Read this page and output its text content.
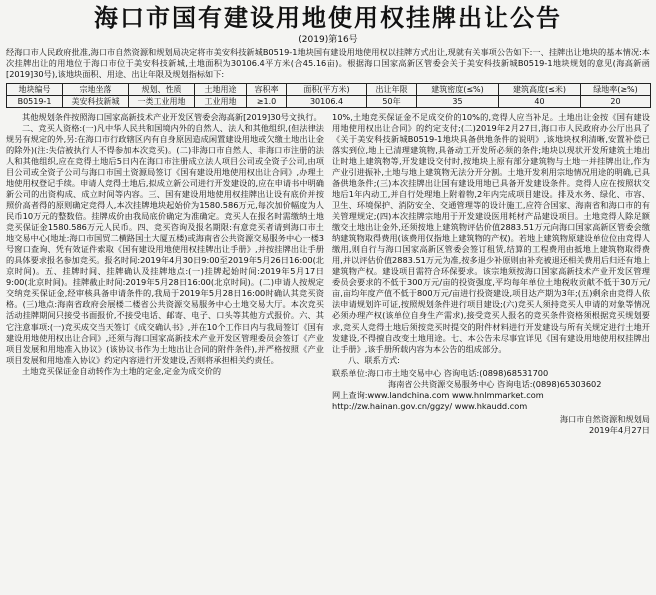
海口市国有建设用地使用权挂牌出让公告
(2019)第16号
经海口市人民政府批准,海口市自然资源和规划局决定将市美安科技新城B0519-1地块国有建设用地使用权以挂牌方式出让,现就有关事项公告如下:一、挂牌出让地块的基本情况:本次挂牌出让的用地位于海口市位于美安科技新城,土地面积为30106.4平方米(合45.16亩)。根据海口国家高新区管委会关于美安科技新城B0519-1地块规划的意见(海高新函[2019]30号),该地块面积、用途、出让年限及规划指标如下:
地块编号	宗地坐落	规划、性质	土地用途	容积率	面积(平方米)	出让年限	建筑密度(≤%)	建筑高度(≤米)	绿地率(≥%)
B0519-1	美安科技新城	一类工业用地	工业用地	≥1.0	30106.4	50年	35	40	20

其他规划条件按照海口国家高新技术产业开发区管委会海高新[2019]30号文执行。

二、竞买人资格:(一)凡中华人民共和国境内外的自然人、法人和其他组织,(但法律法规另有规定的外,另:在海口市行政辖区内有自身原因造成闲置建设用地或欠缴土地出让金的除外)(注:失信被执行人不得参加本次竞买)。(二)非海口市自然人、非海口市注册的法人和其他组织,应在竞得土地后5日内在海口市注册成立法人项目公司或全资子公司,由项目公司或全资子公司与海口市国土资源局签订《国有建设用地使用权出让合同》,办理土地使用权登记手续。申请人竞得土地后,拟成立新公司进行开发建设的,应在申请书中明确新公司的出资构成、成立时间等内容。三、国有建设用地使用权挂牌出让设有底价并按照价高者得的原则确定竞得人,本次挂牌地块起始价为1580.586万元,每次加价幅度为人民币10万元的整数倍。挂牌成价由我局底价确定为准确定。竞买人在报名时需缴纳土地竞买保证金1580.586万元人民币。四、竞买咨询及报名期限:有意竞买者请到海口市土地交易中心(地址:海口市国贸二横路国土大厦五楼)或海南省公共资源交易服务中心一楼3号窗口查询、凭有效证件索取《国有建设用地使用权挂牌出让手册》,并按挂牌出让手册的具体要求报名参加竞买。报名时间:2019年4月30日9:00至2019年5月26日16:00(北京时间)。五、挂牌时间、挂牌确认及挂牌地点:(一)挂牌起始时间:2019年5月17日9:00(北京时间)。挂牌截止时间:2019年5月28日16:00(北京时间)。(二)申请人按规定交纳竞买保证金,经审核具备申请条件的,我局于2019年5月28日16:00时确认其竞买资格。(三)地点:海南省政府会展楼二楼省公共资源交易服务中心土地交易大厅。本次竞买活动挂牌期间只接受书面报价,不接受电话、邮寄、电子、口头等其他方式报价。六、其它注意事项:(一)竞买成交当天签订《成交确认书》,并在10个工作日内与我局签订《国有建设用地使用权出让合同》,还须与海口国家高新技术产业开发区管理委员会签订《产业项目发展和用地准入协议》(该协议书作为土地出让合同的附件条件),并严格按照《产业项目发展和用地准入协议》约定内容进行开发建设,否则将承担相关约责任。

土地竞买保证金自动转作为土地的定金,定金为成交价的

10%,土地竞买保证金不足成交价的10%的,竞得人应当补足。土地出让金按《国有建设用地使用权出让合同》的约定支付;(二)2019年2月27日,海口市人民政府办公厅出具了《关于美安科技新城B0519-1地块具备供地条件的说明》,该地块权利清晰,安置补偿已落实到位,地上已清理建筑物,具备动工开发所必须的条件;地块以现状开发所建筑土地出让时地上建筑物等,开发建设交付时,按地块上原有部分建筑物与土地一并挂牌出让,作为产业引进振补,土地与地上建筑物无法分开分割。土地开发利用宗地情况用途的明确,已具备供地条件;(三)本次挂牌出让国有建设用地已具备开发建设条件。竞得人应在按照状交地后1年内动工,并自行处理地上附着物,2年内完成项目建设。排及水务、绿化、市容、卫生、环境保护、消防安全、交通管理等的设计施工,应符合国家、海南省和海口市的有关管理规定;(四)本次挂牌宗地用于开发建设医用耗材产品建设项目。土地竞得人除足额缴交土地出让金外,还须按地上建筑物评估价值2883.51万元向海口国家高新区管委会缴纳建筑物取得费用(该费用仅指地上建筑物的产权)。若地上建筑物原建设单位位由竞得人缴用,则自行与海口国家高新区管委会签订租赁,结算的工程费用由抵地上建筑物取得费用,并以评估价值2883.51万元为准,按多退少补原则由补充被退还相关费用后归还有地上建筑物产权。建设项目需符合环保要求。该宗地须按海口国家高新技术产业开发区管理委员会要求的不低于300万元/亩的投资强度,平均每年单位土地税收贡献不低于30万元/亩,亩均年度产值不低于800万元/亩进行投资建设,项目达产期为3年;(五)剩余由竞得人依法申请规划许可证,按照规划条件进行项目建设;(六)竞买人须持竞买人申请的对象等情况必须办理产权(该单位自身生产需求),接受竞买人报名的竞买条件资格须根据竞买规划要求,竞买人竞得土地后须按竞买时提交的附件材料进行开发建设与所有关规定进行土地开发建设,不得擅自改变土地用途。七、本公告未尽事宜详见《国有建设用地使用权挂牌出让手册》,该手册所载内容为本公告的组成部分。

八、联系方式:

联系单位:海口市土地交易中心 咨询电话:(0898)68531700
海南省公共资源交易服务中心 咨询电话:(0898)65303602
网上查询:www.landchina.com www.hnlmmarket.com
http://zw.hainan.gov.cn/ggzy/ www.hkaudd.com
海口市自然资源和规划局
2019年4月27日
